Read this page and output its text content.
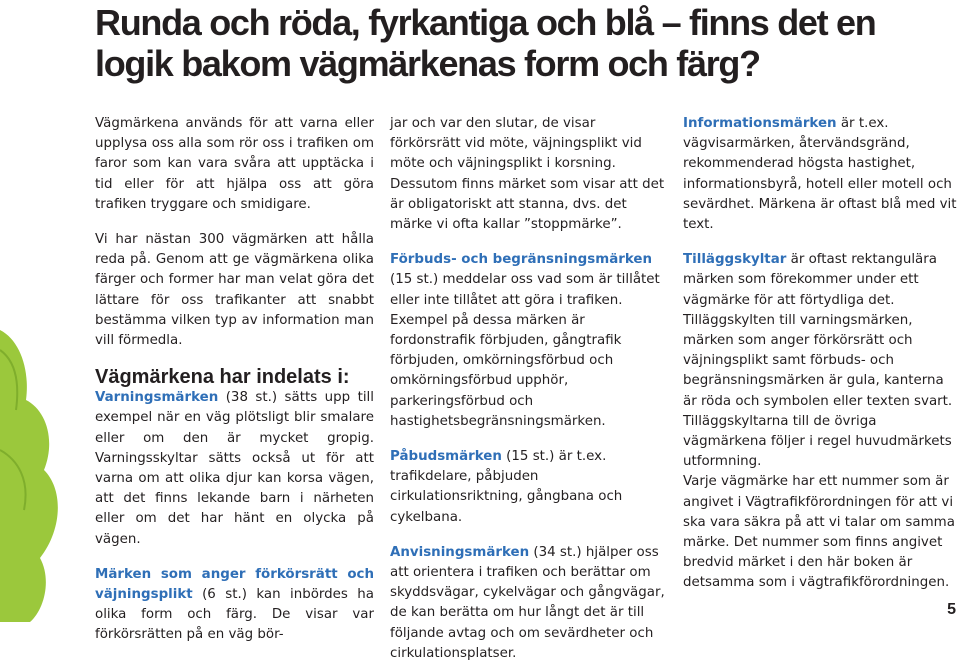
Runda och röda, fyrkantiga och blå – finns det en logik bakom vägmärkenas form och färg?

Vägmärkena används för att varna eller upplysa oss alla som rör oss i trafiken om faror som kan vara svåra att upptäcka i tid eller för att hjälpa oss att göra trafiken tryggare och smidigare.

Vi har nästan 300 vägmärken att hålla reda på. Genom att ge vägmärkena olika färger och former har man velat göra det lättare för oss trafikanter att snabbt bestämma vilken typ av information man vill förmedla.

Vägmärkena har indelats i:

Varningsmärken (38 st.) sätts upp till exempel när en väg plötsligt blir smalare eller om den är mycket gropig. Varningsskyltar sätts också ut för att varna om att olika djur kan korsa vägen, att det finns lekande barn i närheten eller om det har hänt en olycka på vägen.

Märken som anger förkörsrätt och väjningsplikt (6 st.) kan inbördes ha olika form och färg. De visar var förkörsrätten på en väg bör-

jar och var den slutar, de visar förkörsrätt vid möte, väjningsplikt vid möte och väjningsplikt i korsning. Dessutom finns märket som visar att det är obligatoriskt att stanna, dvs. det märke vi ofta kallar ”stoppmärke”.

Förbuds- och begränsningsmärken (15 st.) meddelar oss vad som är tillåtet eller inte tillåtet att göra i trafiken. Exempel på dessa märken är fordonstrafik förbjuden, gångtrafik förbjuden, omkörningsförbud och omkörningsförbud upphör, parkeringsförbud och hastighetsbegränsningsmärken.

Påbudsmärken (15 st.) är t.ex. trafikdelare, påbjuden cirkulationsriktning, gångbana och cykelbana.

Anvisningsmärken (34 st.) hjälper oss att orientera i trafiken och berättar om skyddsvägar, cykelvägar och gångvägar, de kan berätta om hur långt det är till följande avtag och om sevärdheter och cirkulationsplatser.

Informationsmärken är t.ex. vägvisarmärken, återvändsgränd, rekommenderad högsta hastighet, informationsbyrå, hotell eller motell och sevärdhet. Märkena är oftast blå med vit text.

Tilläggskyltar är oftast rektangulära märken som förekommer under ett vägmärke för att förtydliga det. Tilläggskylten till varningsmärken, märken som anger förkörsrätt och väjningsplikt samt förbuds- och begränsningsmärken är gula, kanterna är röda och symbolen eller texten svart. Tilläggskyltarna till de övriga vägmärkena följer i regel huvudmärkets utformning.

Varje vägmärke har ett nummer som är angivet i Vägtrafikförordningen för att vi ska vara säkra på att vi talar om samma märke. Det nummer som finns angivet bredvid märket i den här boken är detsamma som i vägtrafikförordningen.

5
